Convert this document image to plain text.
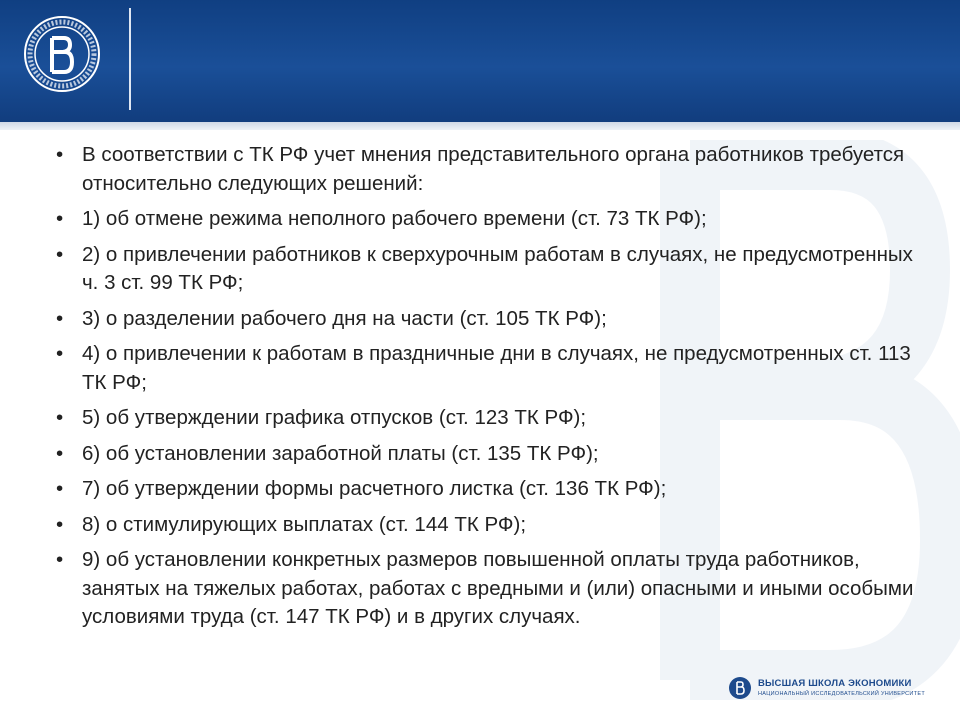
• В соответствии с ТК РФ учет мнения представительного органа работников требуется относительно следующих решений:
• 1) об отмене режима неполного рабочего времени (ст. 73 ТК РФ);
• 2) о привлечении работников к сверхурочным работам в случаях, не предусмотренных ч. 3 ст. 99 ТК РФ;
• 3) о разделении рабочего дня на части (ст. 105 ТК РФ);
• 4) о привлечении к работам в праздничные дни в случаях, не предусмотренных ст. 113 ТК РФ;
• 5) об утверждении графика отпусков (ст. 123 ТК РФ);
• 6) об установлении заработной платы (ст. 135 ТК РФ);
• 7) об утверждении формы расчетного листка (ст. 136 ТК РФ);
• 8) о стимулирующих выплатах (ст. 144 ТК РФ);
• 9) об установлении конкретных размеров повышенной оплаты труда работников, занятых на тяжелых работах, работах с вредными и (или) опасными и иными особыми условиями труда (ст. 147 ТК РФ) и в других случаях.
ВЫСШАЯ ШКОЛА ЭКОНОМИКИ
НАЦИОНАЛЬНЫЙ ИССЛЕДОВАТЕЛЬСКИЙ УНИВЕРСИТЕТ
